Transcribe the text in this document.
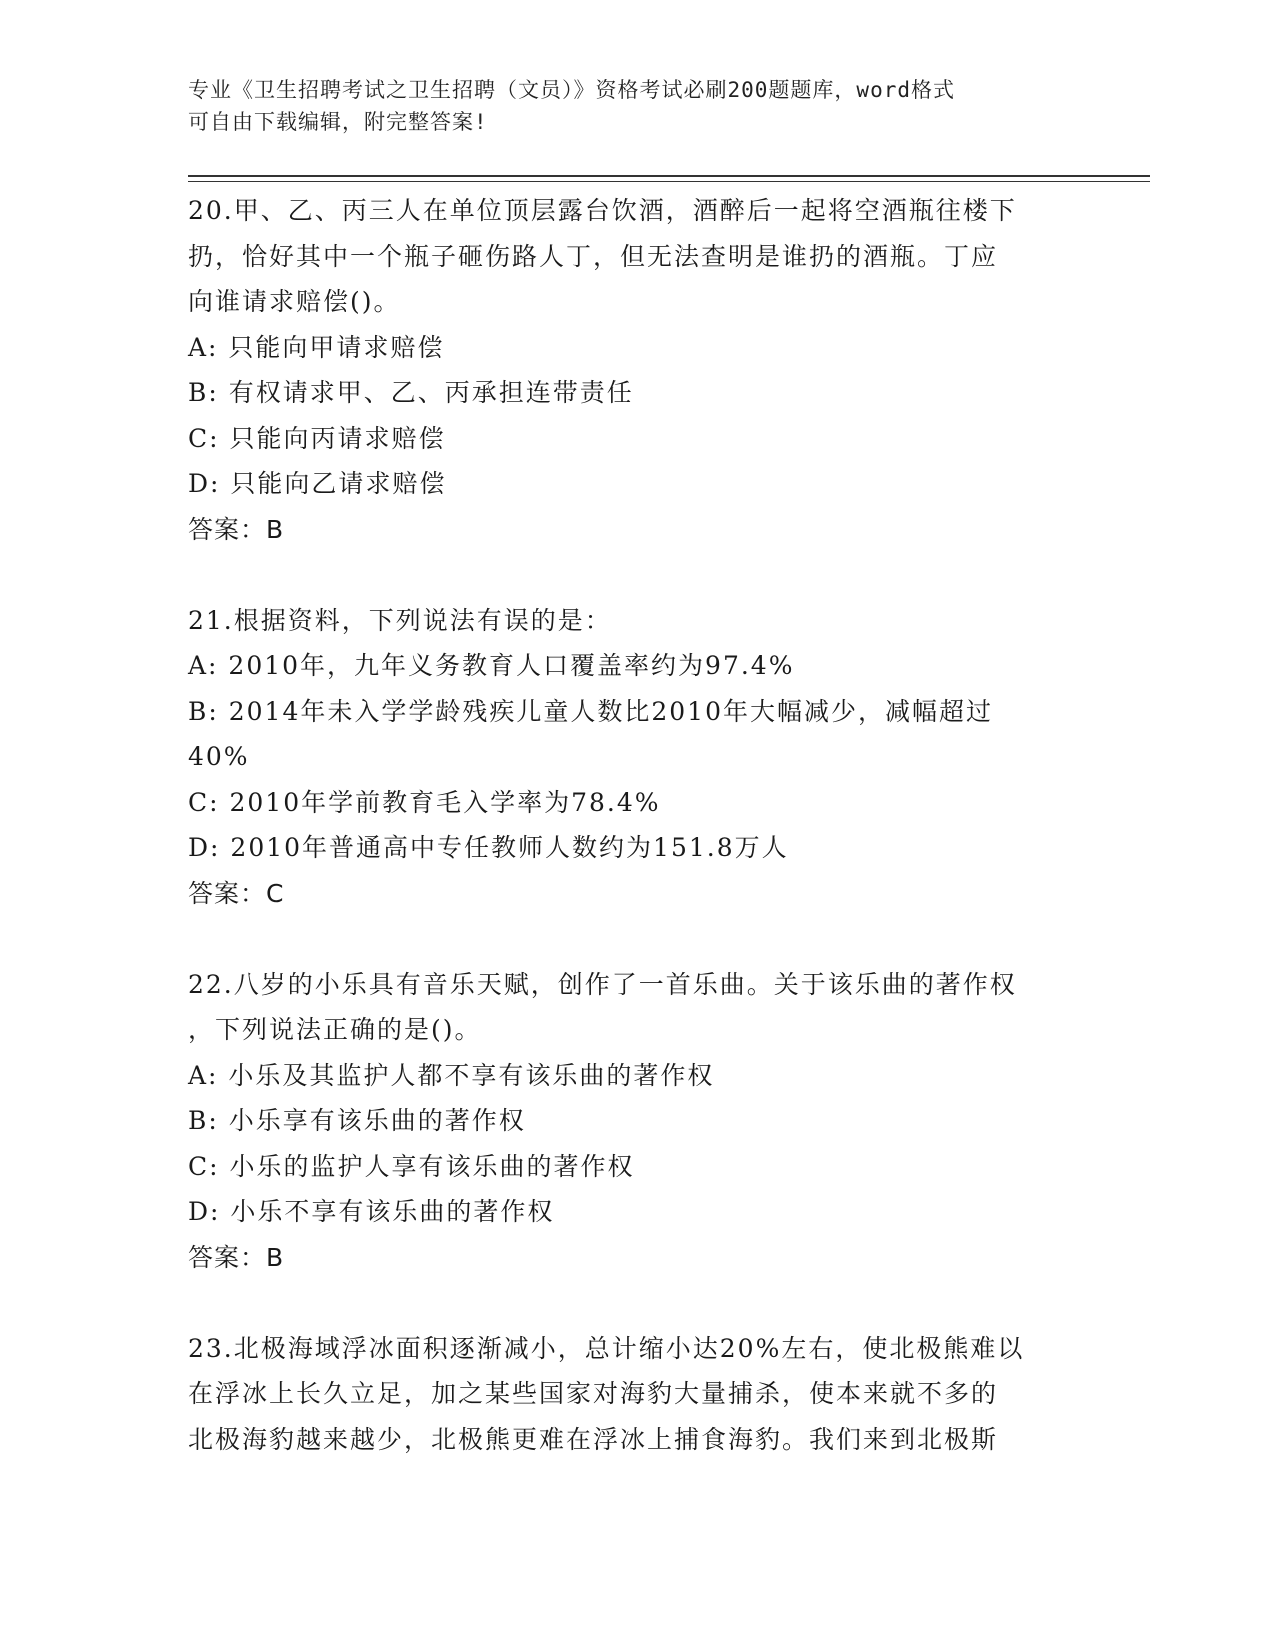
专业《卫生招聘考试之卫生招聘（文员）》资格考试必刷200题题库，word格式
可自由下载编辑，附完整答案!
20.甲、乙、丙三人在单位顶层露台饮酒，酒醉后一起将空酒瓶往楼下
扔，恰好其中一个瓶子砸伤路人丁，但无法查明是谁扔的酒瓶。丁应
向谁请求赔偿()。
A: 只能向甲请求赔偿
B: 有权请求甲、乙、丙承担连带责任
C: 只能向丙请求赔偿
D: 只能向乙请求赔偿
答案：B
21.根据资料，下列说法有误的是：
A: 2010年，九年义务教育人口覆盖率约为97.4%
B: 2014年未入学学龄残疾儿童人数比2010年大幅减少，减幅超过
40%
C: 2010年学前教育毛入学率为78.4%
D: 2010年普通高中专任教师人数约为151.8万人
答案：C
22.八岁的小乐具有音乐天赋，创作了一首乐曲。关于该乐曲的著作权
，下列说法正确的是()。
A: 小乐及其监护人都不享有该乐曲的著作权
B: 小乐享有该乐曲的著作权
C: 小乐的监护人享有该乐曲的著作权
D: 小乐不享有该乐曲的著作权
答案：B
23.北极海域浮冰面积逐渐减小，总计缩小达20%左右，使北极熊难以
在浮冰上长久立足，加之某些国家对海豹大量捕杀，使本来就不多的
北极海豹越来越少，北极熊更难在浮冰上捕食海豹。我们来到北极斯
